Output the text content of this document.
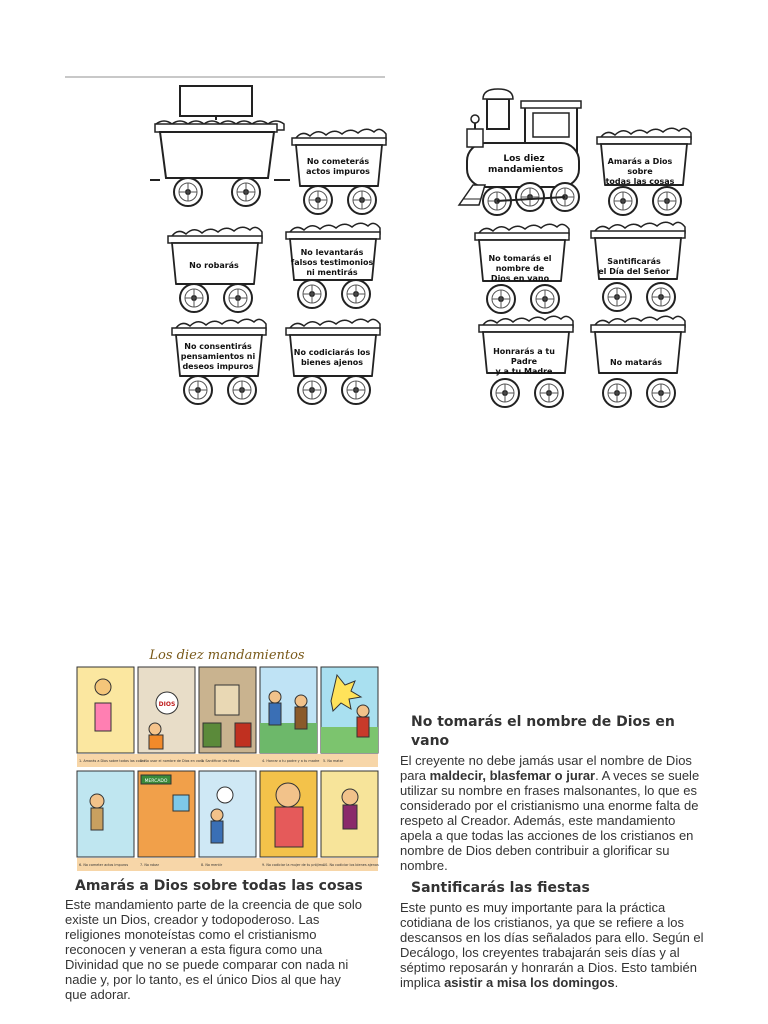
No cometerás
actos impuros
No robarás
No levantarás
falsos testimonios
ni mentirás
No consentirás
pensamientos ni
deseos impuros
No codiciarás los
bienes ajenos
Los diez
mandamientos
Amarás a Dios
sobre
todas las cosas
No tomarás el
nombre de
Dios en vano
Santificarás
el Día del Señor
Honrarás a tu
Padre
y a tu Madre
No matarás
Los diez mandamientos
DIOS
1. Amarás a Dios sobre todas las cosas
2. No usar el nombre de Dios en vano
3. Santificar las fiestas	4. Honrar a tu padre y a tu madre 5. No matar
MERCADO
6. No cometer actos impuros	7. No robar	8. No mentir	9. No codiciar la mujer de tu prójimo
10. No codiciar los bienes ajenos
No tomarás el nombre de Dios en
vano
El creyente no debe jamás usar el nombre de Dios para maldecir, blasfemar o jurar. A veces se suele utilizar su nombre en frases malsonantes, lo que es considerado por el cristianismo una enorme falta de respeto al Creador. Además, este mandamiento apela a que todas las acciones de los cristianos en nombre de Dios deben contribuir a glorificar su nombre.
Santificarás las fiestas
Este punto es muy importante para la práctica cotidiana de los cristianos, ya que se refiere a los descansos en los días señalados para ello. Según el Decálogo, los creyentes trabajarán seis días y al séptimo reposarán y honrarán a Dios. Esto también implica asistir a misa los domingos.
Amarás a Dios sobre todas las cosas
Este mandamiento parte de la creencia de que solo existe un Dios, creador y todopoderoso. Las religiones monoteístas como el cristianismo reconocen y veneran a esta figura como una Divinidad que no se puede comparar con nada ni nadie y, por lo tanto, es el único Dios al que hay que adorar.
